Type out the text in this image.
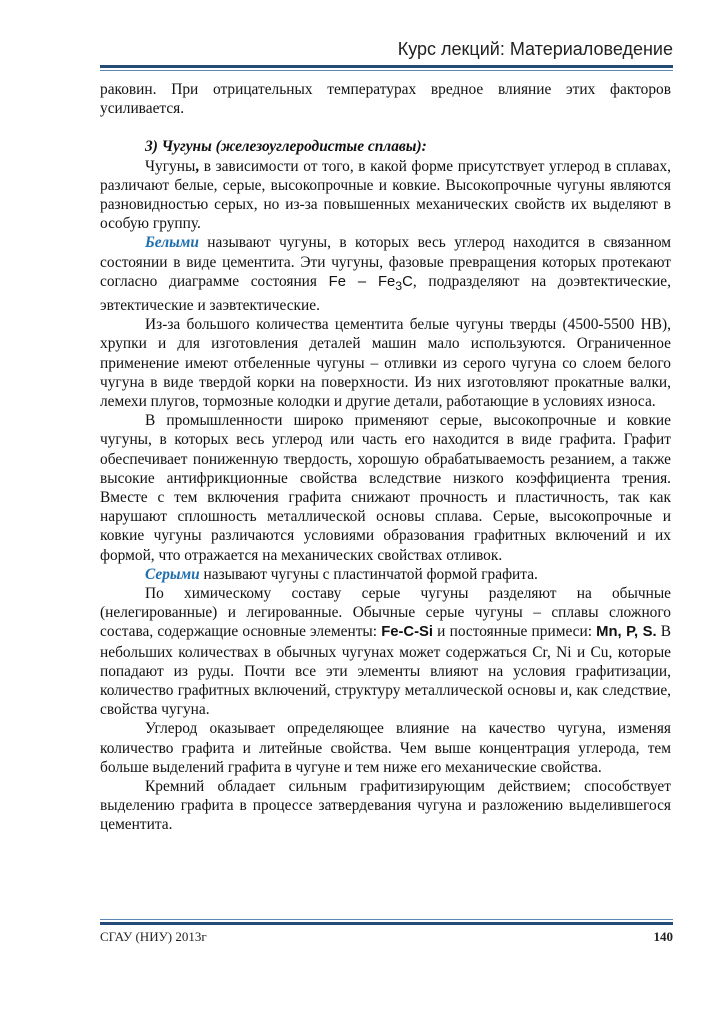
Курс лекций: Материаловедение

раковин. При отрицательных температурах вредное влияние этих факторов усиливается.

3) Чугуны (железоуглеродистые сплавы):

Чугуны, в зависимости от того, в какой форме присутствует углерод в сплавах, различают белые, серые, высокопрочные и ковкие. Высокопрочные чугуны являются разновидностью серых, но из-за повышенных механических свойств их выделяют в особую группу.

Белыми называют чугуны, в которых весь углерод находится в связанном состоянии в виде цементита. Эти чугуны, фазовые превращения которых протекают согласно диаграмме состояния Fe – $Fe_3C$, подразделяют на доэвтектические, эвтектические и заэвтектические.

Из-за большого количества цементита белые чугуны тверды (4500-5500 НВ), хрупки и для изготовления деталей машин мало используются. Ограниченное применение имеют отбеленные чугуны – отливки из серого чугуна со слоем белого чугуна в виде твердой корки на поверхности. Из них изготовляют прокатные валки, лемехи плугов, тормозные колодки и другие детали, работающие в условиях износа.

В промышленности широко применяют серые, высокопрочные и ковкие чугуны, в которых весь углерод или часть его находится в виде графита. Графит обеспечивает пониженную твердость, хорошую обрабатываемость резанием, а также высокие антифрикционные свойства вследствие низкого коэффициента трения. Вместе с тем включения графита снижают прочность и пластичность, так как нарушают сплошность металлической основы сплава. Серые, высокопрочные и ковкие чугуны различаются условиями образования графитных включений и их формой, что отражается на механических свойствах отливок.

Серыми называют чугуны с пластинчатой формой графита.

По химическому составу серые чугуны разделяют на обычные (нелегированные) и легированные. Обычные серые чугуны – сплавы сложного состава, содержащие основные элементы: Fe-C-Si и постоянные примеси: Mn, P, S. В небольших количествах в обычных чугунах может содержаться Cr, Ni и Cu, которые попадают из руды. Почти все эти элементы влияют на условия графитизации, количество графитных включений, структуру металлической основы и, как следствие, свойства чугуна.

Углерод оказывает определяющее влияние на качество чугуна, изменяя количество графита и литейные свойства. Чем выше концентрация углерода, тем больше выделений графита в чугуне и тем ниже его механические свойства.

Кремний обладает сильным графитизирующим действием; способствует выделению графита в процессе затвердевания чугуна и разложению выделившегося цементита.

СГАУ (НИУ) 2013г	140
